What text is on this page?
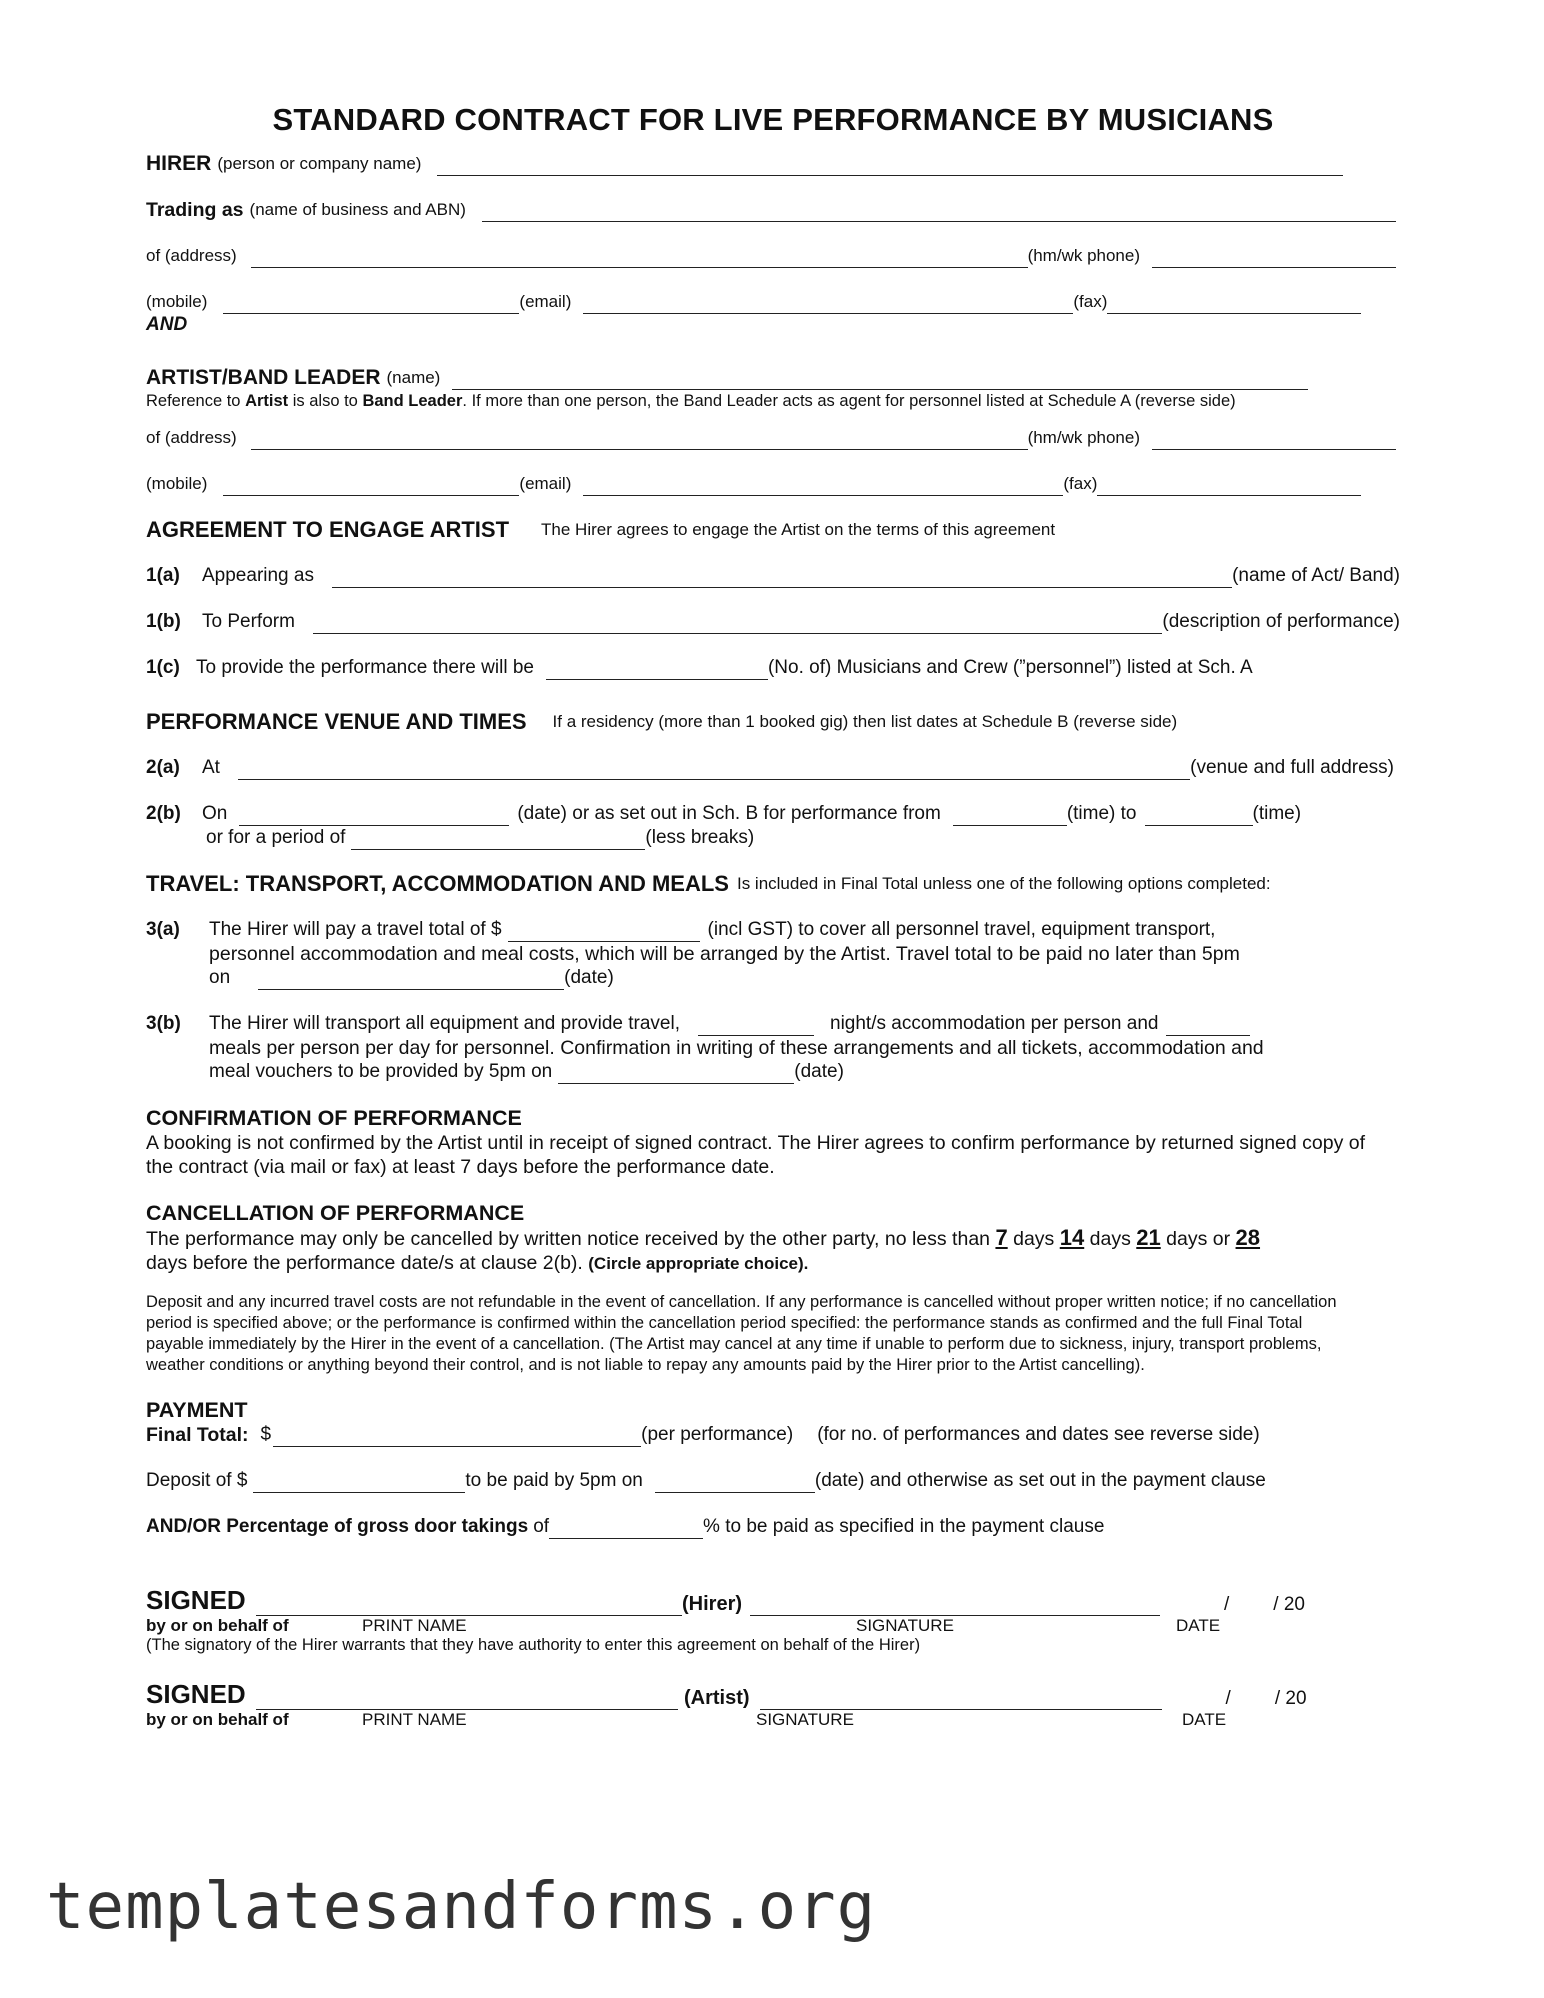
STANDARD CONTRACT FOR LIVE PERFORMANCE BY MUSICIANS
HIRER (person or company name)
Trading as (name of business and ABN)
of (address)	(hm/wk phone)
(mobile)	(email)	(fax)
AND
ARTIST/BAND LEADER (name)
Reference to Artist is also to Band Leader. If more than one person, the Band Leader acts as agent for personnel listed at Schedule A (reverse side)
of (address)	(hm/wk phone)
(mobile)	(email)	(fax)
AGREEMENT TO ENGAGE ARTIST The Hirer agrees to engage the Artist on the terms of this agreement
1(a)	Appearing as	(name of Act/ Band)
1(b)	To Perform	(description of performance)
1(c) To provide the performance there will be	(No. of) Musicians and Crew (”personnel”) listed at Sch. A
PERFORMANCE VENUE AND TIMES If a residency (more than 1 booked gig) then list dates at Schedule B (reverse side)
2(a)	At	(venue and full address)
2(b)	On	(date) or as set out in Sch. B for performance from	(time) to	(time)
or for a period of	(less breaks)
TRAVEL: TRANSPORT, ACCOMMODATION AND MEALS Is included in Final Total unless one of the following options completed:
3(a)	The Hirer will pay a travel total of $	(incl GST) to cover all personnel travel, equipment transport,
personnel accommodation and meal costs, which will be arranged by the Artist. Travel total to be paid no later than 5pm
on	(date)
3(b)	The Hirer will transport all equipment and provide travel,	night/s accommodation per person and
meals per person per day for personnel. Confirmation in writing of these arrangements and all tickets, accommodation and
meal vouchers to be provided by 5pm on	(date)
CONFIRMATION OF PERFORMANCE
A booking is not confirmed by the Artist until in receipt of signed contract. The Hirer agrees to confirm performance by returned signed copy of the contract (via mail or fax) at least 7 days before the performance date.
CANCELLATION OF PERFORMANCE
The performance may only be cancelled by written notice received by the other party, no less than 7 days 14 days 21 days or 28
days before the performance date/s at clause 2(b). (Circle appropriate choice).
Deposit and any incurred travel costs are not refundable in the event of cancellation. If any performance is cancelled without proper written notice; if no cancellation period is specified above; or the performance is confirmed within the cancellation period specified: the performance stands as confirmed and the full Final Total payable immediately by the Hirer in the event of a cancellation. (The Artist may cancel at any time if unable to perform due to sickness, injury, transport problems, weather conditions or anything beyond their control, and is not liable to repay any amounts paid by the Hirer prior to the Artist cancelling).
PAYMENT
Final Total: $	(per performance) (for no. of performances and dates see reverse side)
Deposit of $	to be paid by 5pm on	(date) and otherwise as set out in the payment clause
AND/OR Percentage of gross door takings of	% to be paid as specified in the payment clause
SIGNED	(Hirer)	/ / 20
by or on behalf of	PRINT NAME	SIGNATURE	DATE
(The signatory of the Hirer warrants that they have authority to enter this agreement on behalf of the Hirer)
SIGNED	(Artist)	/ / 20
by or on behalf of	PRINT NAME	SIGNATURE	DATE
templatesandforms.org
